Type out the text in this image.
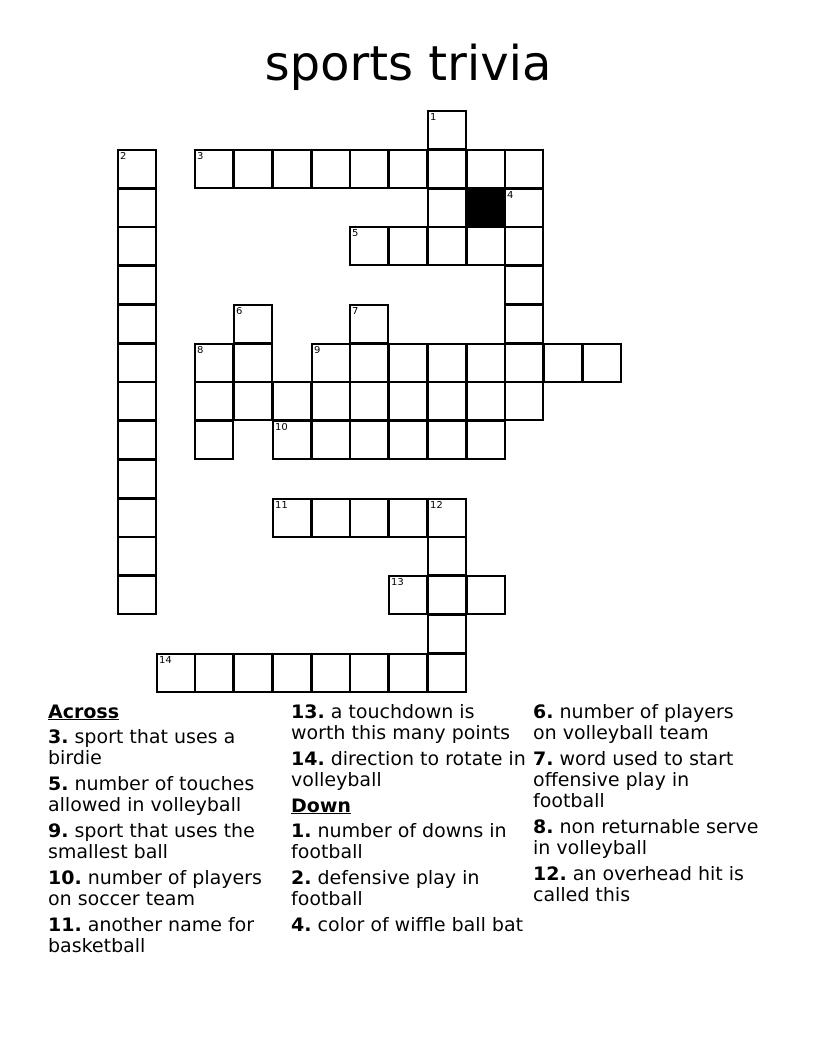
sports trivia
1
2	3
4
5
6	7
8	9
10
11	12
13
14
Across
3. sport that uses a birdie
5. number of touches allowed in volleyball
9. sport that uses the smallest ball
10. number of players on soccer team
11. another name for basketball
13. a touchdown is worth this many points
14. direction to rotate in volleyball
Down
1. number of downs in football
2. defensive play in football
4. color of wiffle ball bat
6. number of players on volleyball team
7. word used to start offensive play in football
8. non returnable serve in volleyball
12. an overhead hit is called this
